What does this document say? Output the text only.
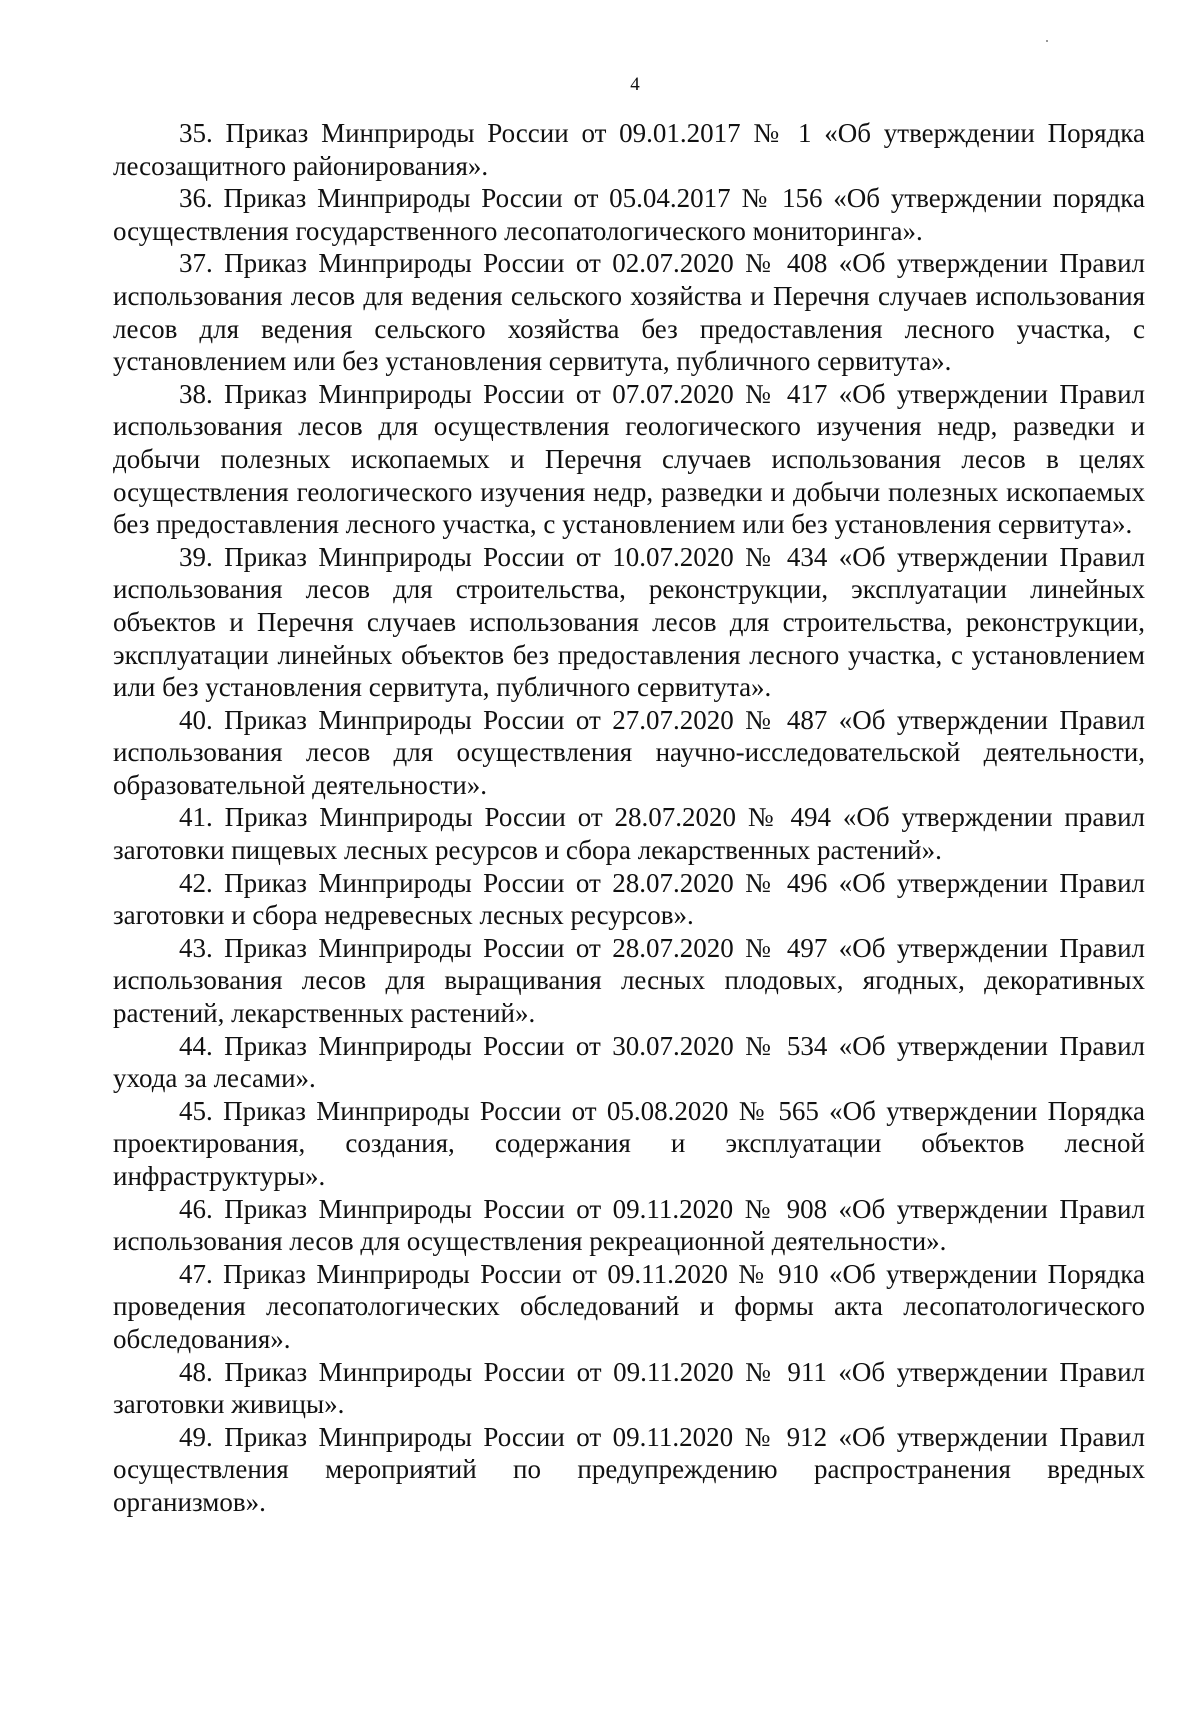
4

35. Приказ Минприроды России от 09.01.2017 № 1 «Об утверждении Порядка лесозащитного районирования».

36. Приказ Минприроды России от 05.04.2017 № 156 «Об утверждении порядка осуществления государственного лесопатологического мониторинга».

37. Приказ Минприроды России от 02.07.2020 № 408 «Об утверждении Правил использования лесов для ведения сельского хозяйства и Перечня случаев использования лесов для ведения сельского хозяйства без предоставления лесного участка, с установлением или без установления сервитута, публичного сервитута».

38. Приказ Минприроды России от 07.07.2020 № 417 «Об утверждении Правил использования лесов для осуществления геологического изучения недр, разведки и добычи полезных ископаемых и Перечня случаев использования лесов в целях осуществления геологического изучения недр, разведки и добычи полезных ископаемых без предоставления лесного участка, с установлением или без установления сервитута».

39. Приказ Минприроды России от 10.07.2020 № 434 «Об утверждении Правил использования лесов для строительства, реконструкции, эксплуатации линейных объектов и Перечня случаев использования лесов для строительства, реконструкции, эксплуатации линейных объектов без предоставления лесного участка, с установлением или без установления сервитута, публичного сервитута».

40. Приказ Минприроды России от 27.07.2020 № 487 «Об утверждении Правил использования лесов для осуществления научно-исследовательской деятельности, образовательной деятельности».

41. Приказ Минприроды России от 28.07.2020 № 494 «Об утверждении правил заготовки пищевых лесных ресурсов и сбора лекарственных растений».

42. Приказ Минприроды России от 28.07.2020 № 496 «Об утверждении Правил заготовки и сбора недревесных лесных ресурсов».

43. Приказ Минприроды России от 28.07.2020 № 497 «Об утверждении Правил использования лесов для выращивания лесных плодовых, ягодных, декоративных растений, лекарственных растений».

44. Приказ Минприроды России от 30.07.2020 № 534 «Об утверждении Правил ухода за лесами».

45. Приказ Минприроды России от 05.08.2020 № 565 «Об утверждении Порядка проектирования, создания, содержания и эксплуатации объектов лесной инфраструктуры».

46. Приказ Минприроды России от 09.11.2020 № 908 «Об утверждении Правил использования лесов для осуществления рекреационной деятельности».

47. Приказ Минприроды России от 09.11.2020 № 910 «Об утверждении Порядка проведения лесопатологических обследований и формы акта лесопатологического обследования».

48. Приказ Минприроды России от 09.11.2020 № 911 «Об утверждении Правил заготовки живицы».

49. Приказ Минприроды России от 09.11.2020 № 912 «Об утверждении Правил осуществления мероприятий по предупреждению распространения вредных организмов».
